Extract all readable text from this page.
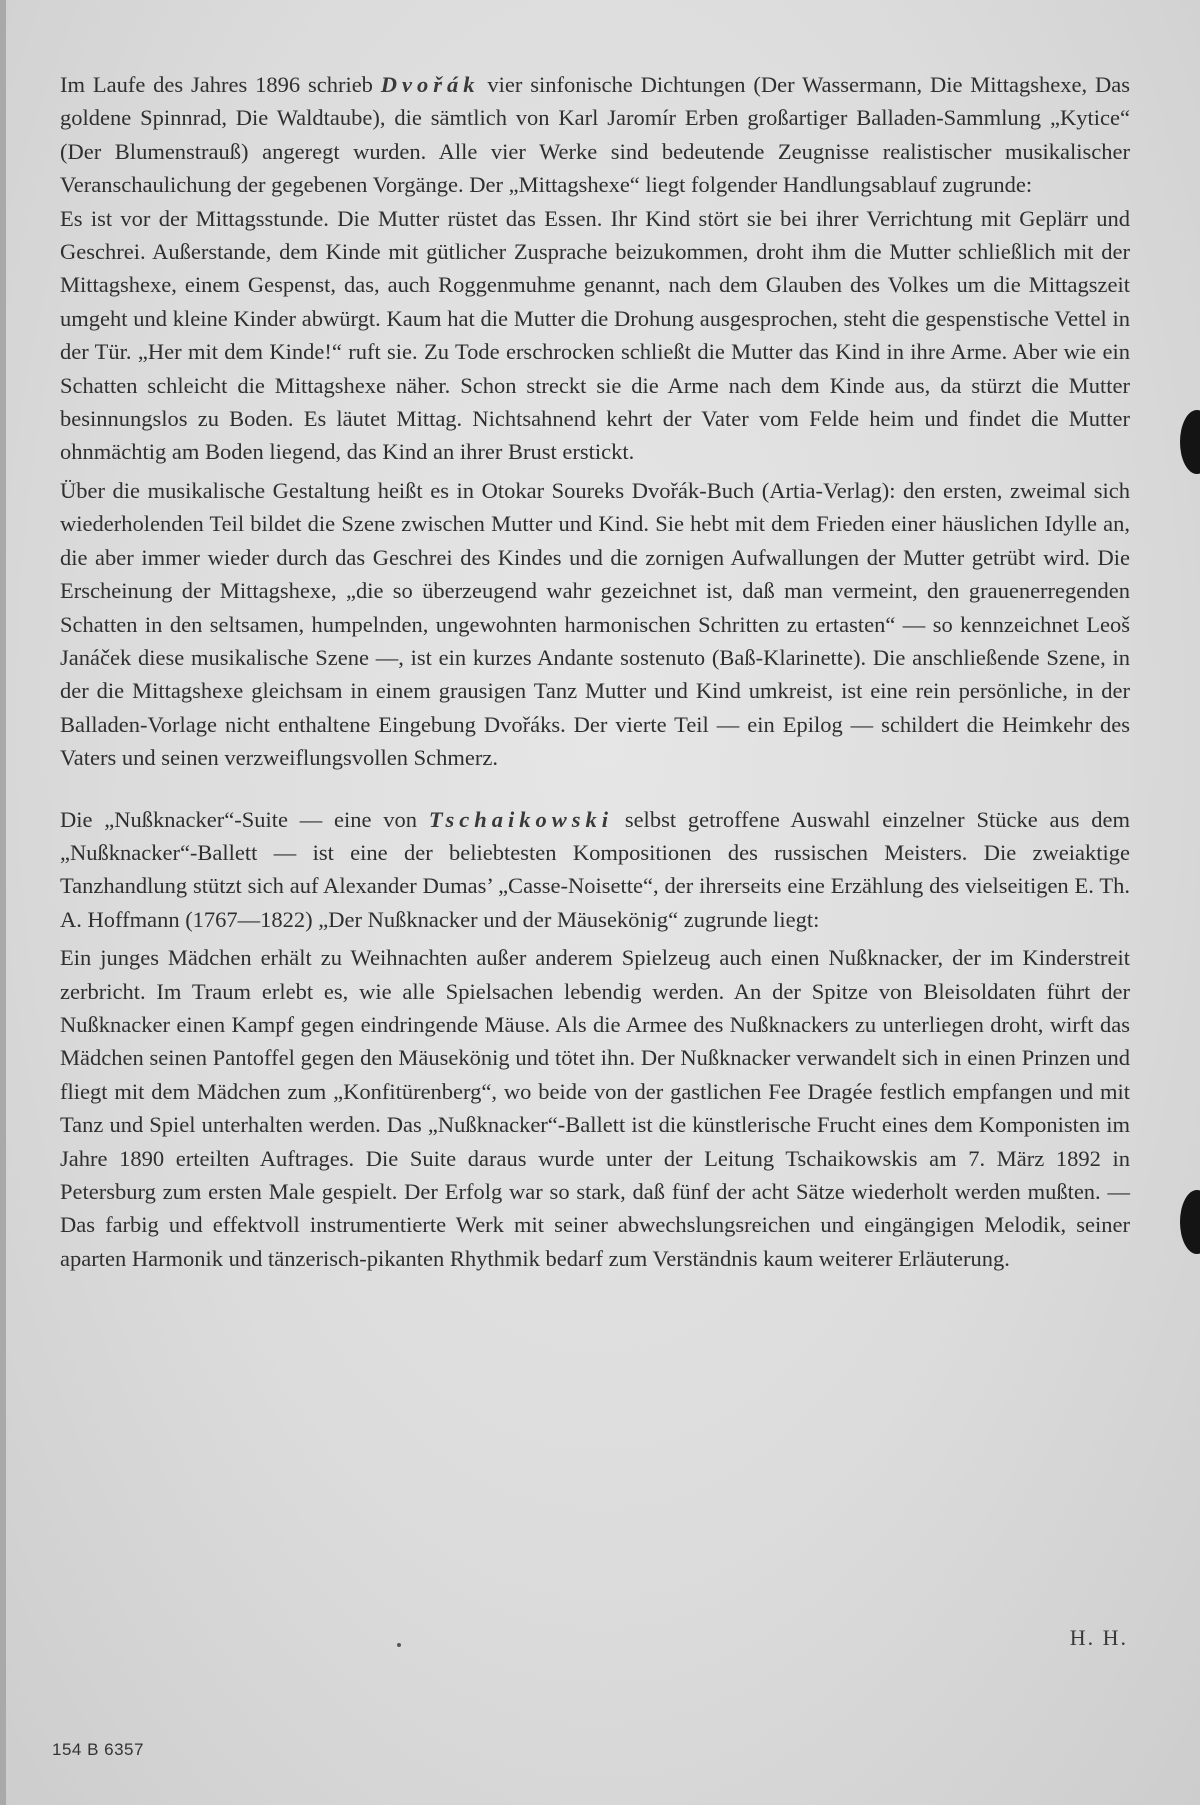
Im Laufe des Jahres 1896 schrieb Dvořák vier sinfonische Dichtungen (Der Wassermann, Die Mittagshexe, Das goldene Spinnrad, Die Waldtaube), die sämtlich von Karl Jaromír Erben großartiger Balladen-Sammlung „Kytice“ (Der Blumenstrauß) angeregt wurden. Alle vier Werke sind bedeutende Zeugnisse realistischer musikalischer Veranschaulichung der gegebenen Vorgänge. Der „Mittagshexe“ liegt folgender Handlungsablauf zugrunde:

Es ist vor der Mittagsstunde. Die Mutter rüstet das Essen. Ihr Kind stört sie bei ihrer Verrichtung mit Geplärr und Geschrei. Außerstande, dem Kinde mit gütlicher Zusprache beizukommen, droht ihm die Mutter schließlich mit der Mittagshexe, einem Gespenst, das, auch Roggenmuhme genannt, nach dem Glauben des Volkes um die Mittagszeit umgeht und kleine Kinder abwürgt. Kaum hat die Mutter die Drohung ausgesprochen, steht die gespenstische Vettel in der Tür. „Her mit dem Kinde!“ ruft sie. Zu Tode erschrocken schließt die Mutter das Kind in ihre Arme. Aber wie ein Schatten schleicht die Mittagshexe näher. Schon streckt sie die Arme nach dem Kinde aus, da stürzt die Mutter besinnungslos zu Boden. Es läutet Mittag. Nichtsahnend kehrt der Vater vom Felde heim und findet die Mutter ohnmächtig am Boden liegend, das Kind an ihrer Brust erstickt.

Über die musikalische Gestaltung heißt es in Otokar Soureks Dvořák-Buch (Artia-Verlag): den ersten, zweimal sich wiederholenden Teil bildet die Szene zwischen Mutter und Kind. Sie hebt mit dem Frieden einer häuslichen Idylle an, die aber immer wieder durch das Geschrei des Kindes und die zornigen Aufwallungen der Mutter getrübt wird. Die Erscheinung der Mittagshexe, „die so überzeugend wahr gezeichnet ist, daß man vermeint, den grauenerregenden Schatten in den seltsamen, humpelnden, ungewohnten harmonischen Schritten zu ertasten“ — so kennzeichnet Leoš Janáček diese musikalische Szene —, ist ein kurzes Andante sostenuto (Baß-Klarinette). Die anschließende Szene, in der die Mittagshexe gleichsam in einem grausigen Tanz Mutter und Kind umkreist, ist eine rein persönliche, in der Balladen-Vorlage nicht enthaltene Eingebung Dvořáks. Der vierte Teil — ein Epilog — schildert die Heimkehr des Vaters und seinen verzweiflungsvollen Schmerz.

Die „Nußknacker“-Suite — eine von Tschaikowski selbst getroffene Auswahl einzelner Stücke aus dem „Nußknacker“-Ballett — ist eine der beliebtesten Kompositionen des russischen Meisters. Die zweiaktige Tanzhandlung stützt sich auf Alexander Dumas’ „Casse-Noisette“, der ihrerseits eine Erzählung des vielseitigen E. Th. A. Hoffmann (1767—1822) „Der Nußknacker und der Mäusekönig“ zugrunde liegt:

Ein junges Mädchen erhält zu Weihnachten außer anderem Spielzeug auch einen Nußknacker, der im Kinderstreit zerbricht. Im Traum erlebt es, wie alle Spielsachen lebendig werden. An der Spitze von Bleisoldaten führt der Nußknacker einen Kampf gegen eindringende Mäuse. Als die Armee des Nußknackers zu unterliegen droht, wirft das Mädchen seinen Pantoffel gegen den Mäusekönig und tötet ihn. Der Nußknacker verwandelt sich in einen Prinzen und fliegt mit dem Mädchen zum „Konfitürenberg“, wo beide von der gastlichen Fee Dragée festlich empfangen und mit Tanz und Spiel unterhalten werden. Das „Nußknacker“-Ballett ist die künstlerische Frucht eines dem Komponisten im Jahre 1890 erteilten Auftrages. Die Suite daraus wurde unter der Leitung Tschaikowskis am 7. März 1892 in Petersburg zum ersten Male gespielt. Der Erfolg war so stark, daß fünf der acht Sätze wiederholt werden mußten. — Das farbig und effektvoll instrumentierte Werk mit seiner abwechslungsreichen und eingängigen Melodik, seiner aparten Harmonik und tänzerisch-pikanten Rhythmik bedarf zum Verständnis kaum weiterer Erläuterung.

H. H.
154 B 6357
